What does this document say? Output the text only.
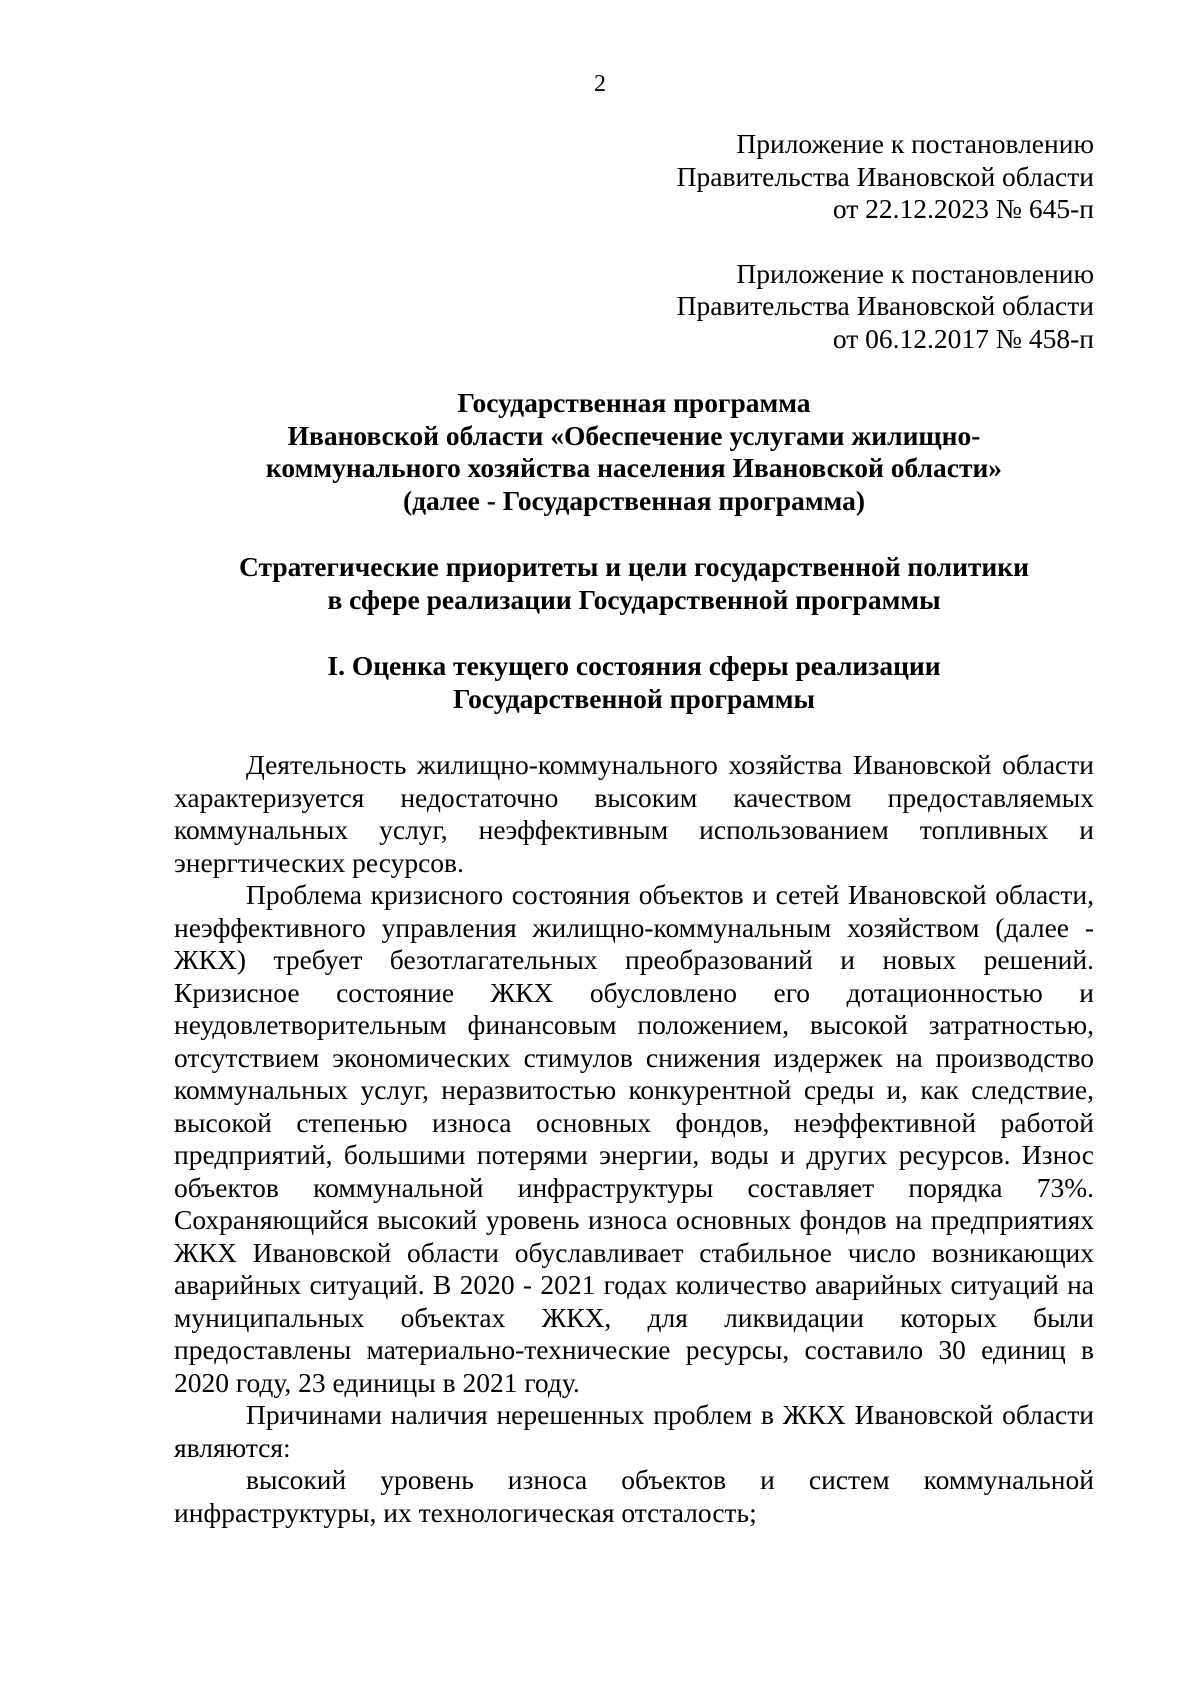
2
Приложение к постановлению
Правительства Ивановской области
от 22.12.2023 № 645-п
Приложение к постановлению
Правительства Ивановской области
от 06.12.2017 № 458-п
Государственная программа
Ивановской области «Обеспечение услугами жилищно-
коммунального хозяйства населения Ивановской области»
(далее - Государственная программа)
Стратегические приоритеты и цели государственной политики
в сфере реализации Государственной программы
I. Оценка текущего состояния сферы реализации
Государственной программы

Деятельность жилищно-коммунального хозяйства Ивановской области характеризуется недостаточно высоким качеством предоставляемых коммунальных услуг, неэффективным использованием топливных и энергтических ресурсов.

Проблема кризисного состояния объектов и сетей Ивановской области, неэффективного управления жилищно-коммунальным хозяйством (далее - ЖКХ) требует безотлагательных преобразований и новых решений. Кризисное состояние ЖКХ обусловлено его дотационностью и неудовлетворительным финансовым положением, высокой затратностью, отсутствием экономических стимулов снижения издержек на производство коммунальных услуг, неразвитостью конкурентной среды и, как следствие, высокой степенью износа основных фондов, неэффективной работой предприятий, большими потерями энергии, воды и других ресурсов. Износ объектов коммунальной инфраструктуры составляет порядка 73%. Сохраняющийся высокий уровень износа основных фондов на предприятиях ЖКХ Ивановской области обуславливает стабильное число возникающих аварийных ситуаций. В 2020 - 2021 годах количество аварийных ситуаций на муниципальных объектах ЖКХ, для ликвидации которых были предоставлены материально-технические ресурсы, составило 30 единиц в 2020 году, 23 единицы в 2021 году.

Причинами наличия нерешенных проблем в ЖКХ Ивановской области являются:

высокий уровень износа объектов и систем коммунальной инфраструктуры, их технологическая отсталость;
